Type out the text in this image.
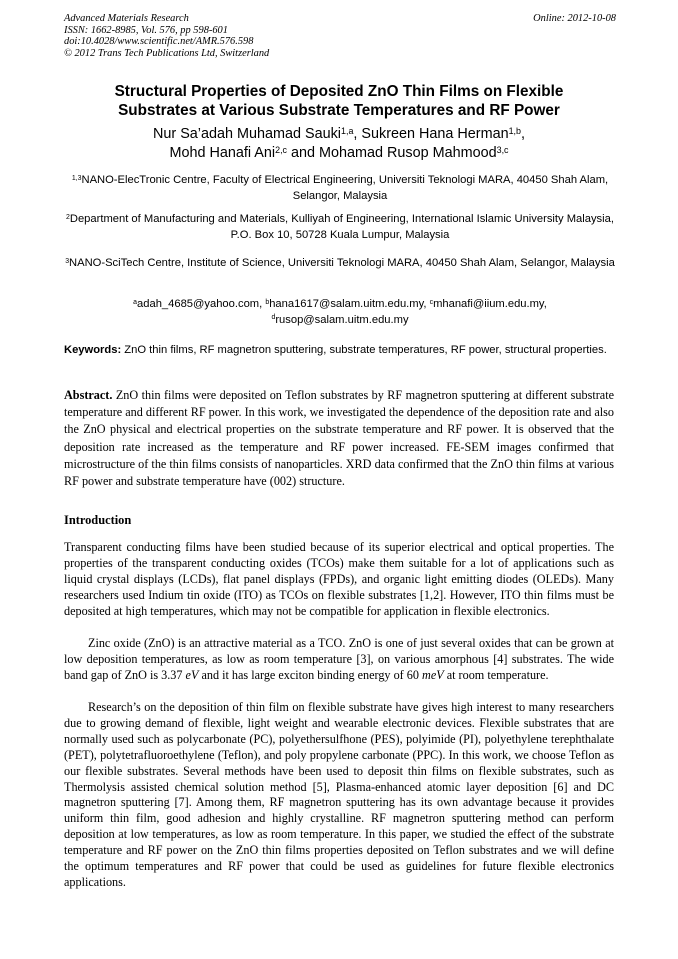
Advanced Materials Research
ISSN: 1662-8985, Vol. 576, pp 598-601
doi:10.4028/www.scientific.net/AMR.576.598
© 2012 Trans Tech Publications Ltd, Switzerland
Online: 2012-10-08
Structural Properties of Deposited ZnO Thin Films on Flexible Substrates at Various Substrate Temperatures and RF Power
Nur Sa’adah Muhamad Sauki$^{1,a}$, Sukreen Hana Herman$^{1,b}$,
Mohd Hanafi Ani$^{2,c}$ and Mohamad Rusop Mahmood$^{3,c}$
$^{1,3}$NANO-ElecTronic Centre, Faculty of Electrical Engineering, Universiti Teknologi MARA, 40450 Shah Alam, Selangor, Malaysia
$^2$Department of Manufacturing and Materials, Kulliyah of Engineering, International Islamic University Malaysia, P.O. Box 10, 50728 Kuala Lumpur, Malaysia
$^3$NANO-SciTech Centre, Institute of Science, Universiti Teknologi MARA, 40450 Shah Alam, Selangor, Malaysia
$^a$adah_4685@yahoo.com, $^b$hana1617@salam.uitm.edu.my, $^c$mhanafi@iium.edu.my,
$^d$rusop@salam.uitm.edu.my
Keywords: ZnO thin films, RF magnetron sputtering, substrate temperatures, RF power, structural properties.
Abstract. ZnO thin films were deposited on Teflon substrates by RF magnetron sputtering at different substrate temperature and different RF power. In this work, we investigated the dependence of the deposition rate and also the ZnO physical and electrical properties on the substrate temperature and RF power. It is observed that the deposition rate increased as the temperature and RF power increased. FE-SEM images confirmed that microstructure of the thin films consists of nanoparticles. XRD data confirmed that the ZnO thin films at various RF power and substrate temperature have (002) structure.
Introduction
Transparent conducting films have been studied because of its superior electrical and optical properties. The properties of the transparent conducting oxides (TCOs) make them suitable for a lot of applications such as liquid crystal displays (LCDs), flat panel displays (FPDs), and organic light emitting diodes (OLEDs). Many researchers used Indium tin oxide (ITO) as TCOs on flexible substrates [1,2]. However, ITO thin films must be deposited at high temperatures, which may not be compatible for application in flexible electronics.
Zinc oxide (ZnO) is an attractive material as a TCO. ZnO is one of just several oxides that can be grown at low deposition temperatures, as low as room temperature [3], on various amorphous [4] substrates. The wide band gap of ZnO is 3.37 eV and it has large exciton binding energy of 60 meV at room temperature.
Research’s on the deposition of thin film on flexible substrate have gives high interest to many researchers due to growing demand of flexible, light weight and wearable electronic devices. Flexible substrates that are normally used such as polycarbonate (PC), polyethersulfhone (PES), polyimide (PI), polyethylene terephthalate (PET), polytetrafluoroethylene (Teflon), and poly propylene carbonate (PPC). In this work, we choose Teflon as our flexible substrates. Several methods have been used to deposit thin films on flexible substrates, such as Thermolysis assisted chemical solution method [5], Plasma-enhanced atomic layer deposition [6] and DC magnetron sputtering [7]. Among them, RF magnetron sputtering has its own advantage because it provides uniform thin film, good adhesion and highly crystalline. RF magnetron sputtering method can perform deposition at low temperatures, as low as room temperature. In this paper, we studied the effect of the substrate temperature and RF power on the ZnO thin films properties deposited on Teflon substrates and we will define the optimum temperatures and RF power that could be used as guidelines for future flexible electronics applications.
